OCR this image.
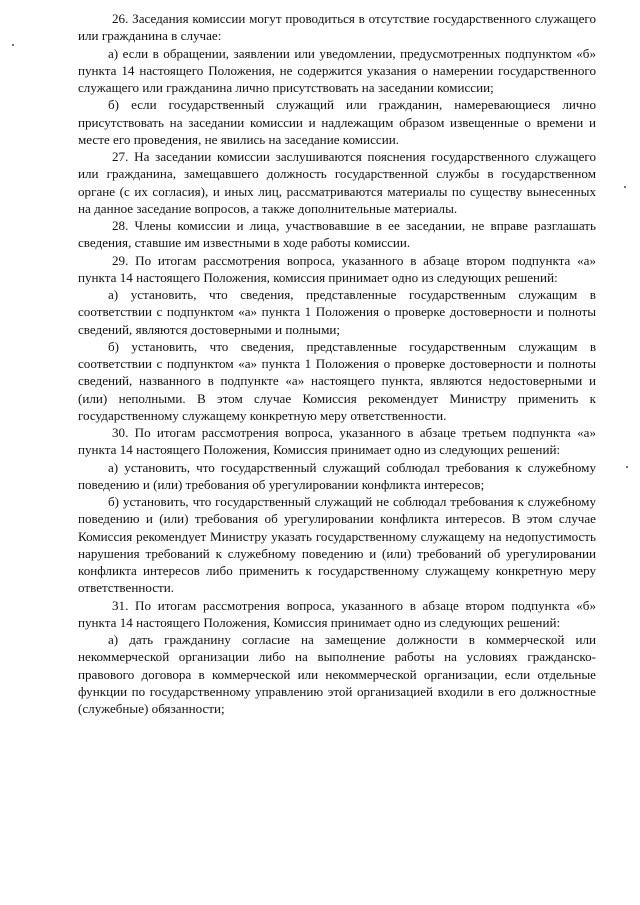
26. Заседания комиссии могут проводиться в отсутствие государственного служащего или гражданина в случае:

а) если в обращении, заявлении или уведомлении, предусмотренных подпунктом «б» пункта 14 настоящего Положения, не содержится указания о намерении государственного служащего или гражданина лично присутствовать на заседании комиссии;

б) если государственный служащий или гражданин, намеревающиеся лично присутствовать на заседании комиссии и надлежащим образом извещенные о времени и месте его проведения, не явились на заседание комиссии.

27. На заседании комиссии заслушиваются пояснения государственного служащего или гражданина, замещавшего должность государственной службы в государственном органе (с их согласия), и иных лиц, рассматриваются материалы по существу вынесенных на данное заседание вопросов, а также дополнительные материалы.

28. Члены комиссии и лица, участвовавшие в ее заседании, не вправе разглашать сведения, ставшие им известными в ходе работы комиссии.

29. По итогам рассмотрения вопроса, указанного в абзаце втором подпункта «а» пункта 14 настоящего Положения, комиссия принимает одно из следующих решений:

а) установить, что сведения, представленные государственным служащим в соответствии с подпунктом «а» пункта 1 Положения о проверке достоверности и полноты сведений, являются достоверными и полными;

б) установить, что сведения, представленные государственным служащим в соответствии с подпунктом «а» пункта 1 Положения о проверке достоверности и полноты сведений, названного в подпункте «а» настоящего пункта, являются недостоверными и (или) неполными. В этом случае Комиссия рекомендует Министру применить к государственному служащему конкретную меру ответственности.

30. По итогам рассмотрения вопроса, указанного в абзаце третьем подпункта «а» пункта 14 настоящего Положения, Комиссия принимает одно из следующих решений:

а) установить, что государственный служащий соблюдал требования к служебному поведению и (или) требования об урегулировании конфликта интересов;

б) установить, что государственный служащий не соблюдал требования к служебному поведению и (или) требования об урегулировании конфликта интересов. В этом случае Комиссия рекомендует Министру указать государственному служащему на недопустимость нарушения требований к служебному поведению и (или) требований об урегулировании конфликта интересов либо применить к государственному служащему конкретную меру ответственности.

31. По итогам рассмотрения вопроса, указанного в абзаце втором подпункта «б» пункта 14 настоящего Положения, Комиссия принимает одно из следующих решений:

а) дать гражданину согласие на замещение должности в коммерческой или некоммерческой организации либо на выполнение работы на условиях гражданско-правового договора в коммерческой или некоммерческой организации, если отдельные функции по государственному управлению этой организацией входили в его должностные (служебные) обязанности;
